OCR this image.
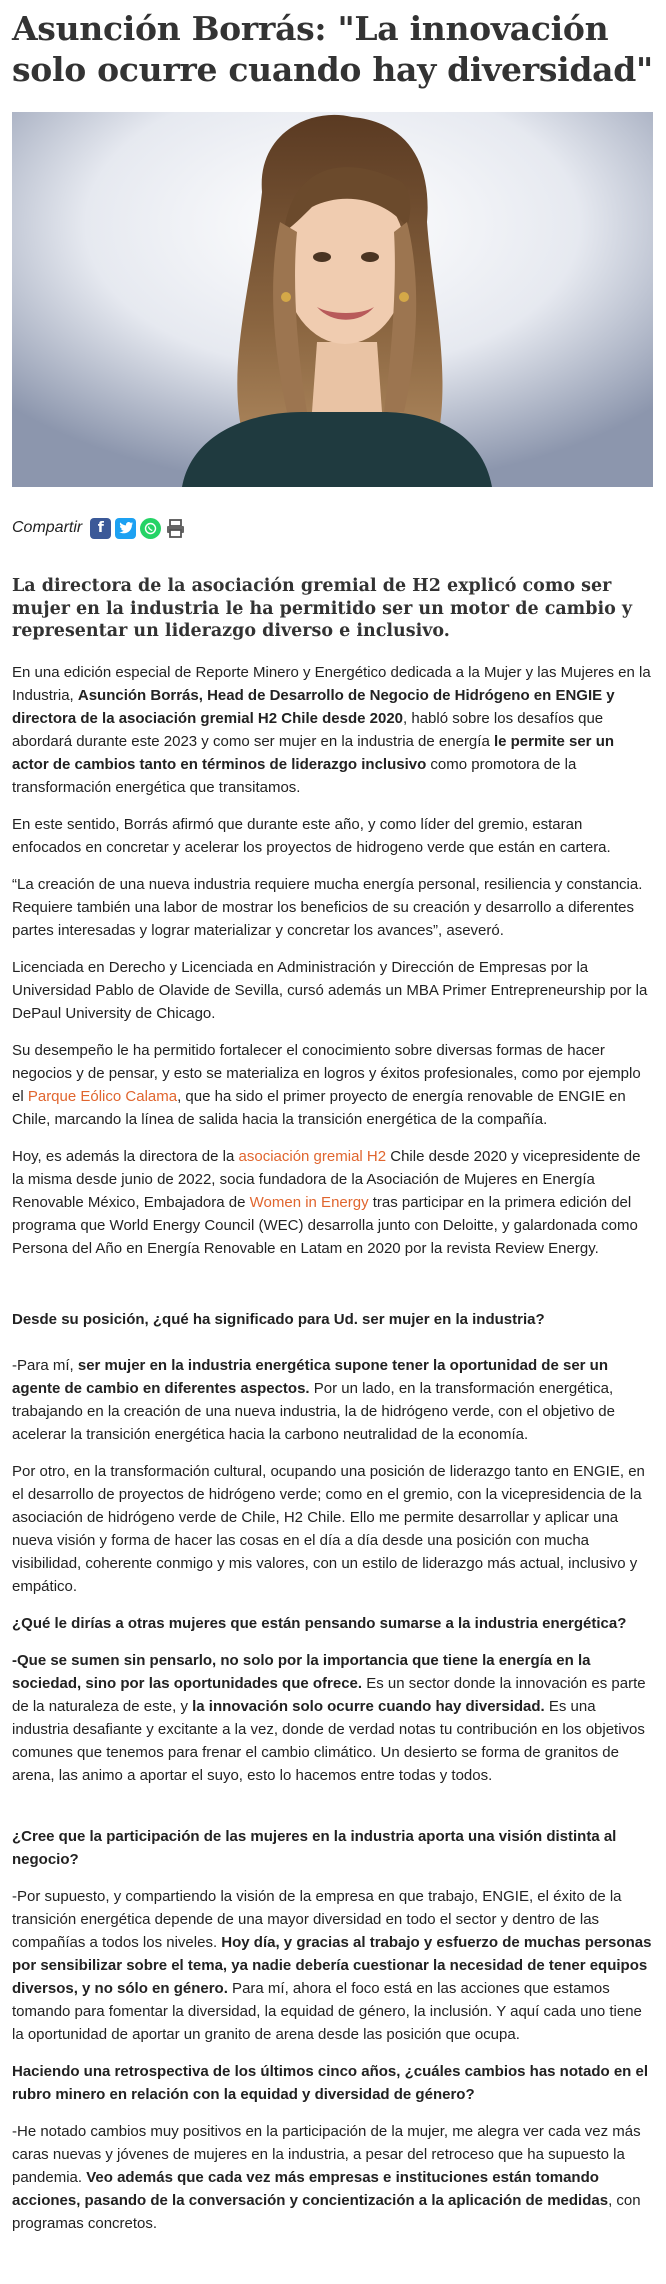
Asunción Borrás: "La innovación solo ocurre cuando hay diversidad"
Compartir	f
La directora de la asociación gremial de H2 explicó como ser mujer en la industria le ha permitido ser un motor de cambio y representar un liderazgo diverso e inclusivo.

En una edición especial de Reporte Minero y Energético dedicada a la Mujer y las Mujeres en la Industria, Asunción Borrás, Head de Desarrollo de Negocio de Hidrógeno en ENGIE y directora de la asociación gremial H2 Chile desde 2020, habló sobre los desafíos que abordará durante este 2023 y como ser mujer en la industria de energía le permite ser un actor de cambios tanto en términos de liderazgo inclusivo como promotora de la transformación energética que transitamos.

En este sentido, Borrás afirmó que durante este año, y como líder del gremio, estaran enfocados en concretar y acelerar los proyectos de hidrogeno verde que están en cartera.

“La creación de una nueva industria requiere mucha energía personal, resiliencia y constancia. Requiere también una labor de mostrar los beneficios de su creación y desarrollo a diferentes partes interesadas y lograr materializar y concretar los avances”, aseveró.

Licenciada en Derecho y Licenciada en Administración y Dirección de Empresas por la Universidad Pablo de Olavide de Sevilla, cursó además un MBA Primer Entrepreneurship por la DePaul University de Chicago.

Su desempeño le ha permitido fortalecer el conocimiento sobre diversas formas de hacer negocios y de pensar, y esto se materializa en logros y éxitos profesionales, como por ejemplo el Parque Eólico Calama, que ha sido el primer proyecto de energía renovable de ENGIE en Chile, marcando la línea de salida hacia la transición energética de la compañía.

Hoy, es además la directora de la asociación gremial H2 Chile desde 2020 y vicepresidente de la misma desde junio de 2022, socia fundadora de la Asociación de Mujeres en Energía Renovable México, Embajadora de Women in Energy tras participar en la primera edición del programa que World Energy Council (WEC) desarrolla junto con Deloitte, y galardonada como Persona del Año en Energía Renovable en Latam en 2020 por la revista Review Energy.

Desde su posición, ¿qué ha significado para Ud. ser mujer en la industria?

-Para mí, ser mujer en la industria energética supone tener la oportunidad de ser un agente de cambio en diferentes aspectos. Por un lado, en la transformación energética, trabajando en la creación de una nueva industria, la de hidrógeno verde, con el objetivo de acelerar la transición energética hacia la carbono neutralidad de la economía.

Por otro, en la transformación cultural, ocupando una posición de liderazgo tanto en ENGIE, en el desarrollo de proyectos de hidrógeno verde; como en el gremio, con la vicepresidencia de la asociación de hidrógeno verde de Chile, H2 Chile. Ello me permite desarrollar y aplicar una nueva visión y forma de hacer las cosas en el día a día desde una posición con mucha visibilidad, coherente conmigo y mis valores, con un estilo de liderazgo más actual, inclusivo y empático.

¿Qué le dirías a otras mujeres que están pensando sumarse a la industria energética?

-Que se sumen sin pensarlo, no solo por la importancia que tiene la energía en la sociedad, sino por las oportunidades que ofrece. Es un sector donde la innovación es parte de la naturaleza de este, y la innovación solo ocurre cuando hay diversidad. Es una industria desafiante y excitante a la vez, donde de verdad notas tu contribución en los objetivos comunes que tenemos para frenar el cambio climático. Un desierto se forma de granitos de arena, las animo a aportar el suyo, esto lo hacemos entre todas y todos.

¿Cree que la participación de las mujeres en la industria aporta una visión distinta al negocio?

-Por supuesto, y compartiendo la visión de la empresa en que trabajo, ENGIE, el éxito de la transición energética depende de una mayor diversidad en todo el sector y dentro de las compañías a todos los niveles. Hoy día, y gracias al trabajo y esfuerzo de muchas personas por sensibilizar sobre el tema, ya nadie debería cuestionar la necesidad de tener equipos diversos, y no sólo en género. Para mí, ahora el foco está en las acciones que estamos tomando para fomentar la diversidad, la equidad de género, la inclusión. Y aquí cada uno tiene la oportunidad de aportar un granito de arena desde las posición que ocupa.

Haciendo una retrospectiva de los últimos cinco años, ¿cuáles cambios has notado en el rubro minero en relación con la equidad y diversidad de género?

-He notado cambios muy positivos en la participación de la mujer, me alegra ver cada vez más caras nuevas y jóvenes de mujeres en la industria, a pesar del retroceso que ha supuesto la pandemia. Veo además que cada vez más empresas e instituciones están tomando acciones, pasando de la conversación y concientización a la aplicación de medidas, con programas concretos.
